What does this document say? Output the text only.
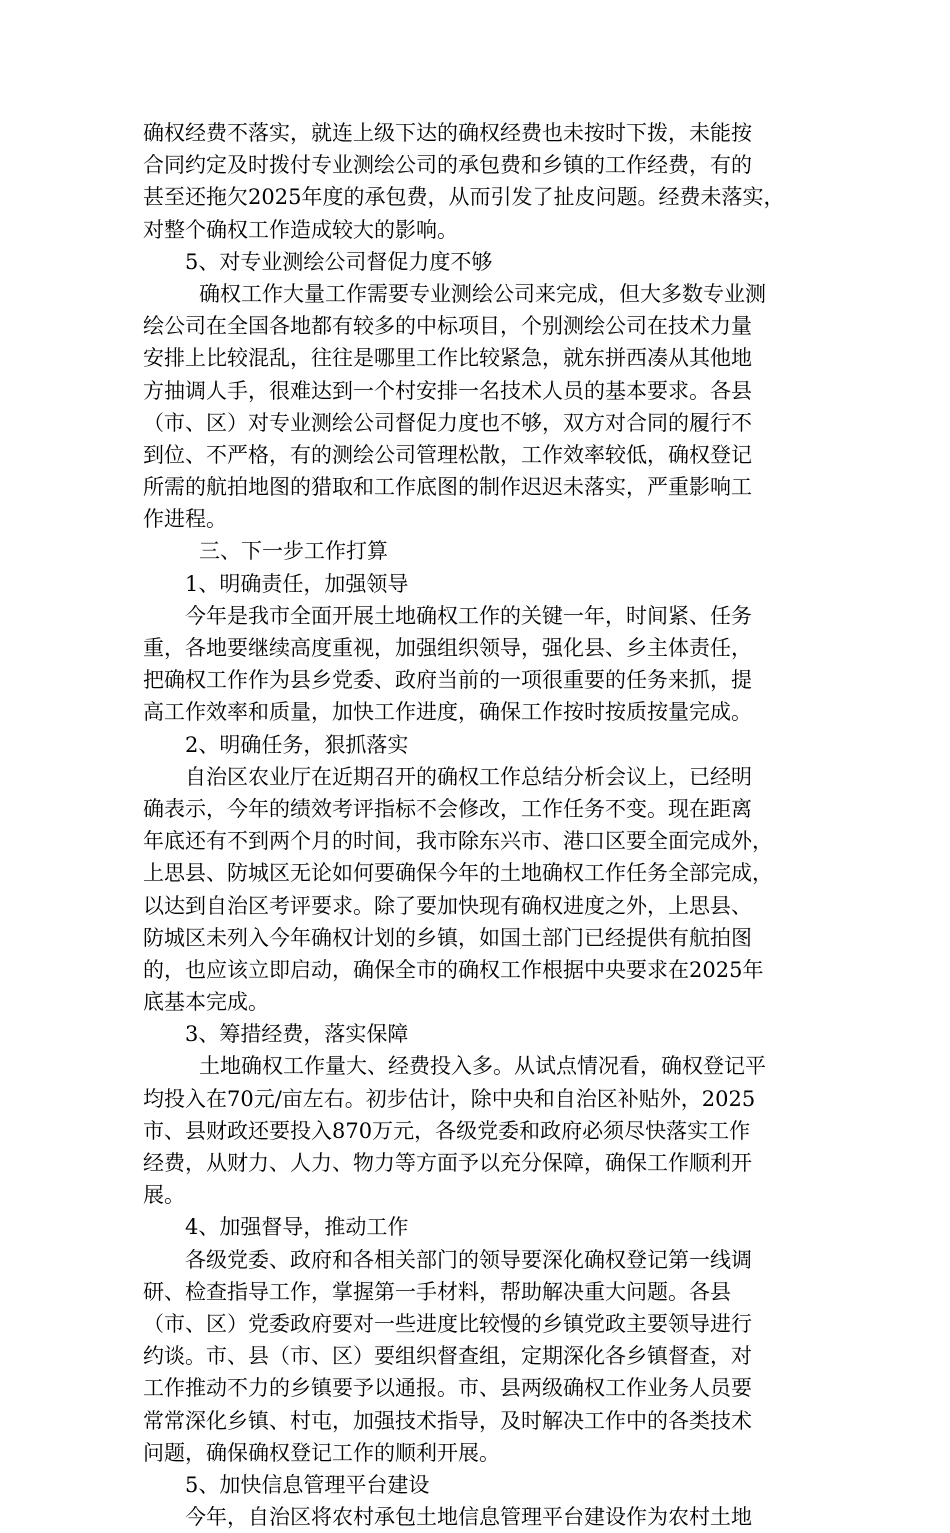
确权经费不落实，就连上级下达的确权经费也未按时下拨，未能按
合同约定及时拨付专业测绘公司的承包费和乡镇的工作经费，有的
甚至还拖欠2025年度的承包费，从而引发了扯皮问题。经费未落实，
对整个确权工作造成较大的影响。
5、对专业测绘公司督促力度不够
确权工作大量工作需要专业测绘公司来完成，但大多数专业测
绘公司在全国各地都有较多的中标项目，个别测绘公司在技术力量
安排上比较混乱，往往是哪里工作比较紧急，就东拼西凑从其他地
方抽调人手，很难达到一个村安排一名技术人员的基本要求。各县
（市、区）对专业测绘公司督促力度也不够，双方对合同的履行不
到位、不严格，有的测绘公司管理松散，工作效率较低，确权登记
所需的航拍地图的猎取和工作底图的制作迟迟未落实，严重影响工
作进程。
三、下一步工作打算
1、明确责任，加强领导
今年是我市全面开展土地确权工作的关键一年，时间紧、任务
重，各地要继续高度重视，加强组织领导，强化县、乡主体责任，
把确权工作作为县乡党委、政府当前的一项很重要的任务来抓，提
高工作效率和质量，加快工作进度，确保工作按时按质按量完成。
2、明确任务，狠抓落实
自治区农业厅在近期召开的确权工作总结分析会议上，已经明
确表示，今年的绩效考评指标不会修改，工作任务不变。现在距离
年底还有不到两个月的时间，我市除东兴市、港口区要全面完成外，
上思县、防城区无论如何要确保今年的土地确权工作任务全部完成，
以达到自治区考评要求。除了要加快现有确权进度之外，上思县、
防城区未列入今年确权计划的乡镇，如国土部门已经提供有航拍图
的，也应该立即启动，确保全市的确权工作根据中央要求在2025年
底基本完成。
3、筹措经费，落实保障
土地确权工作量大、经费投入多。从试点情况看，确权登记平
均投入在70元/亩左右。初步估计，除中央和自治区补贴外，2025
市、县财政还要投入870万元，各级党委和政府必须尽快落实工作
经费，从财力、人力、物力等方面予以充分保障，确保工作顺利开
展。
4、加强督导，推动工作
各级党委、政府和各相关部门的领导要深化确权登记第一线调
研、检查指导工作，掌握第一手材料，帮助解决重大问题。各县
（市、区）党委政府要对一些进度比较慢的乡镇党政主要领导进行
约谈。市、县（市、区）要组织督查组，定期深化各乡镇督查，对
工作推动不力的乡镇要予以通报。市、县两级确权工作业务人员要
常常深化乡镇、村屯，加强技术指导，及时解决工作中的各类技术
问题，确保确权登记工作的顺利开展。
5、加快信息管理平台建设
今年，自治区将农村承包土地信息管理平台建设作为农村土地
